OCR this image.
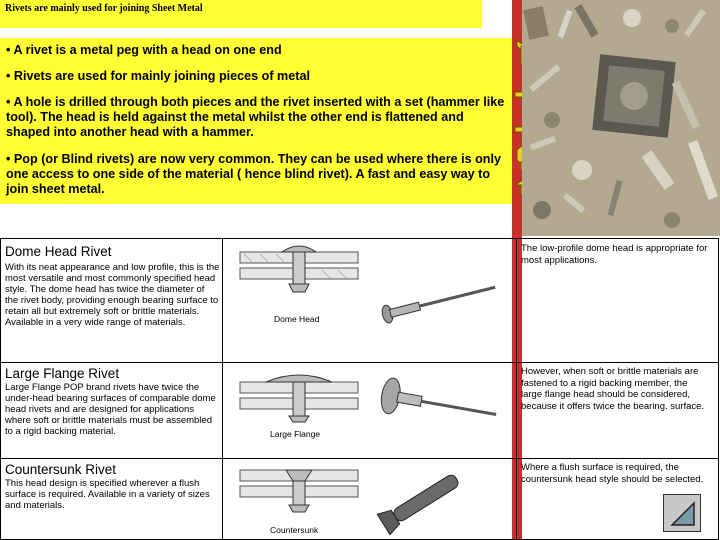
Rivets are mainly used for joining Sheet Metal
• A rivet is a metal peg with a head on one end
• Rivets are used for mainly joining pieces of metal
• A hole is drilled through both pieces and the rivet inserted with a set (hammer like tool). The head is held against the metal whilst the other end is flattened and shaped into another head with a hammer.
• Pop (or Blind rivets) are now very common. They can be used where there is only one access to one side of the material ( hence blind rivet). A fast and easy way to join sheet metal.
Dome Head Rivet
With its neat appearance and low profile, this is the most versatile and most commonly specified head style. The dome head has twice the diameter of the rivet body, providing enough bearing surface to retain all but extremely soft or brittle materials. Available in a very wide range of materials.
The low-profile dome head is appropriate for most applications.
Dome Head
Large Flange Rivet
Large Flange POP brand rivets have twice the under-head bearing surfaces of comparable dome head rivets and are designed for applications where soft or brittle materials must be assembled to a rigid backing material.
However, when soft or brittle materials are fastened to a rigid backing member, the large flange head should be considered, because it offers twice the bearing. surface.
Large Flange
Countersunk Rivet
This head design is specified wherever a flush surface is required. Available in a variety of sizes and materials.
Where a flush surface is required, the countersunk head style should be selected.
Countersunk
